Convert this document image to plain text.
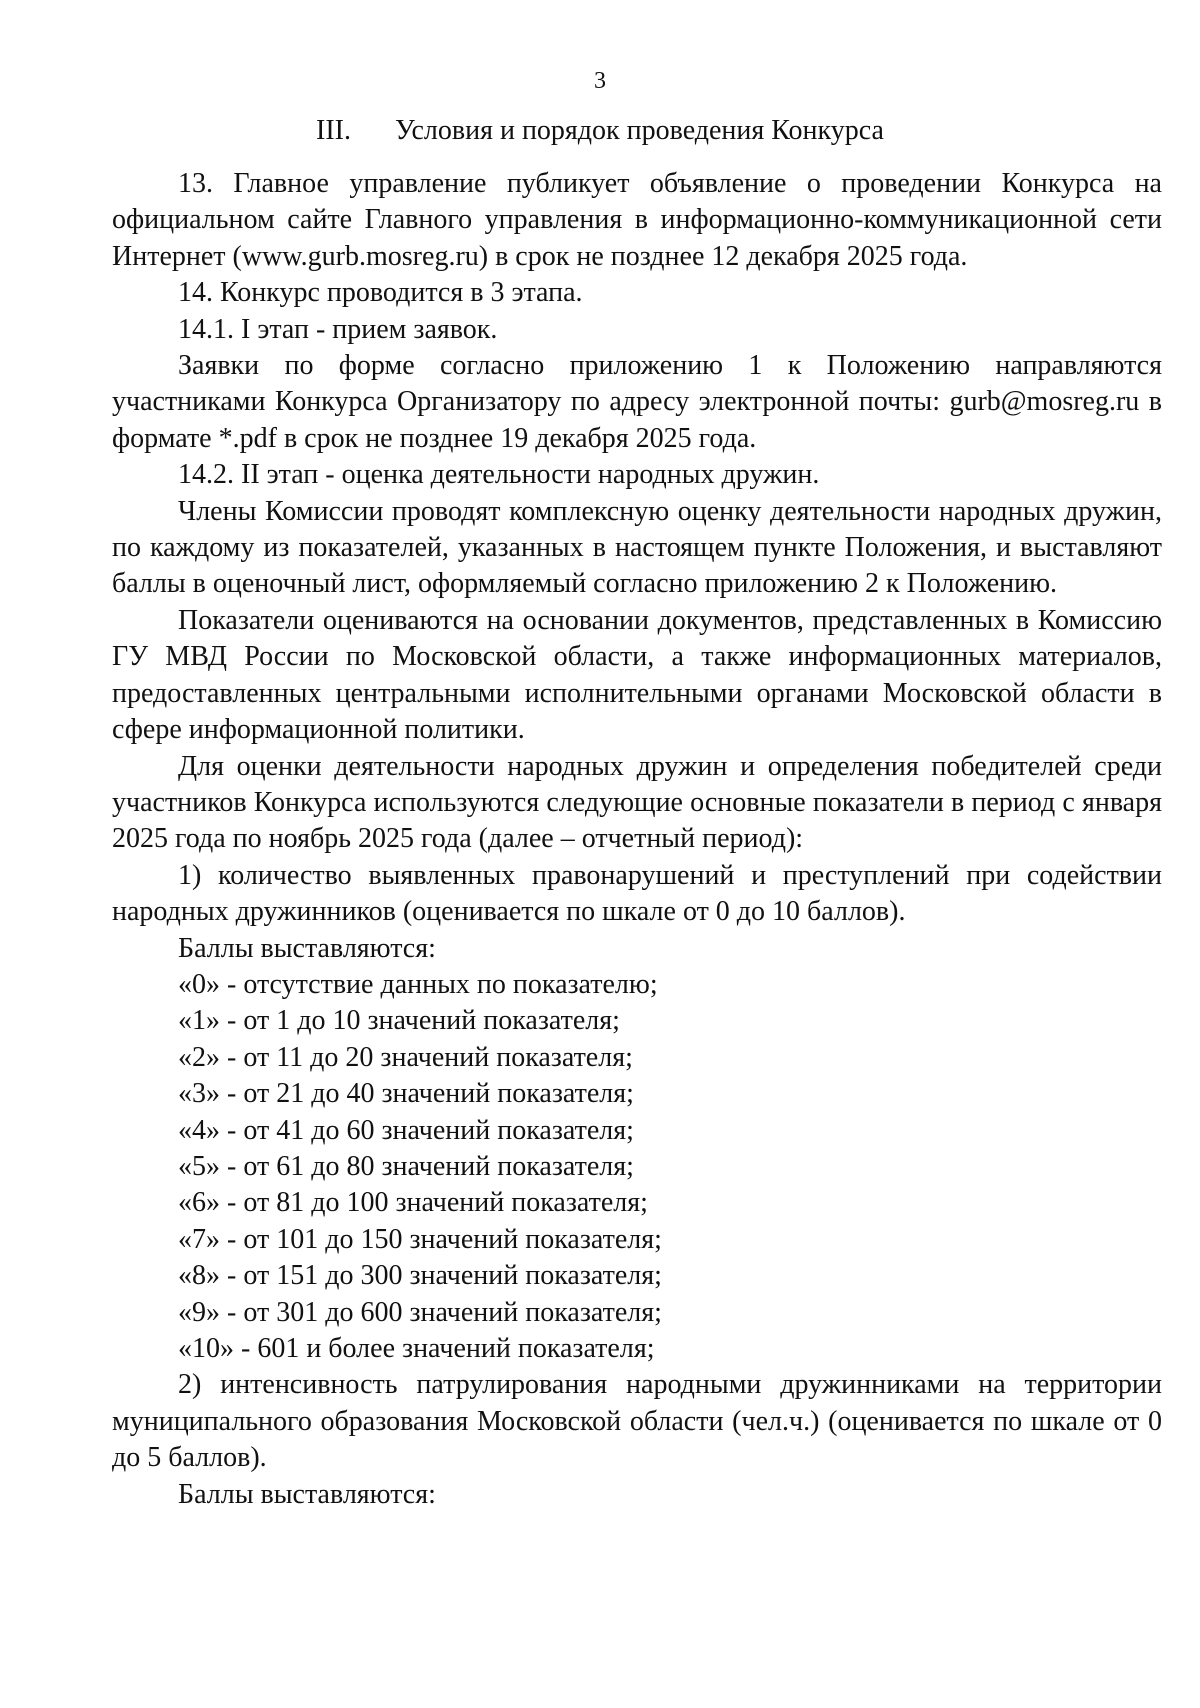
3
III. Условия и порядок проведения Конкурса

13. Главное управление публикует объявление о проведении Конкурса на официальном сайте Главного управления в информационно-коммуникационной сети Интернет (www.gurb.mosreg.ru) в срок не позднее 12 декабря 2025 года.

14. Конкурс проводится в 3 этапа.

14.1. I этап - прием заявок.

Заявки по форме согласно приложению 1 к Положению направляются участниками Конкурса Организатору по адресу электронной почты: gurb@mosreg.ru в формате *.pdf в срок не позднее 19 декабря 2025 года.

14.2. II этап - оценка деятельности народных дружин.

Члены Комиссии проводят комплексную оценку деятельности народных дружин, по каждому из показателей, указанных в настоящем пункте Положения, и выставляют баллы в оценочный лист, оформляемый согласно приложению 2 к Положению.

Показатели оцениваются на основании документов, представленных в Комиссию ГУ МВД России по Московской области, а также информационных материалов, предоставленных центральными исполнительными органами Московской области в сфере информационной политики.

Для оценки деятельности народных дружин и определения победителей среди участников Конкурса используются следующие основные показатели в период с января 2025 года по ноябрь 2025 года (далее – отчетный период):

1) количество выявленных правонарушений и преступлений при содействии народных дружинников (оценивается по шкале от 0 до 10 баллов).

Баллы выставляются:

«0» - отсутствие данных по показателю;

«1» - от 1 до 10 значений показателя;

«2» - от 11 до 20 значений показателя;

«3» - от 21 до 40 значений показателя;

«4» - от 41 до 60 значений показателя;

«5» - от 61 до 80 значений показателя;

«6» - от 81 до 100 значений показателя;

«7» - от 101 до 150 значений показателя;

«8» - от 151 до 300 значений показателя;

«9» - от 301 до 600 значений показателя;

«10» - 601 и более значений показателя;

2) интенсивность патрулирования народными дружинниками на территории муниципального образования Московской области (чел.ч.) (оценивается по шкале от 0 до 5 баллов).

Баллы выставляются:
